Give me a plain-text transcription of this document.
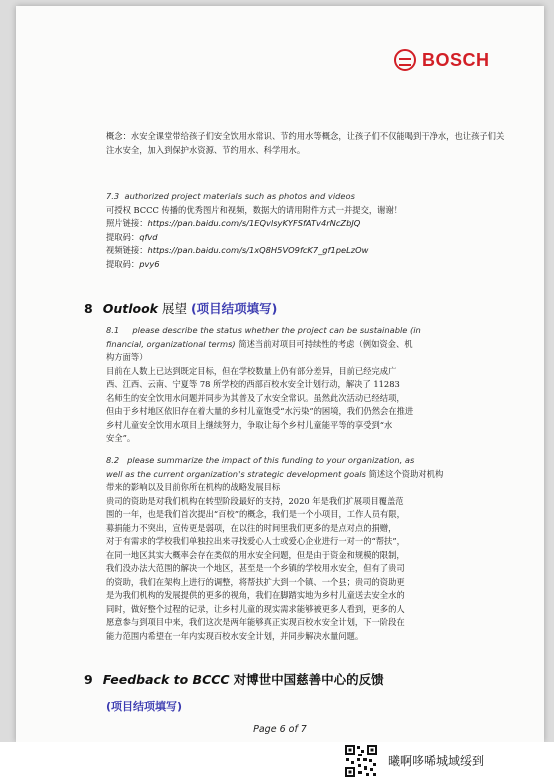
BOSCH

概念：水安全课堂带给孩子们安全饮用水常识、节约用水等概念，让孩子们不仅能喝到干净水，也让孩子们关注水安全，加入到保护水资源、节约用水、科学用水。

7.3 authorized project materials such as photos and videos

可授权 BCCC 传播的优秀图片和视频，数据大的请用附件方式一并提交，谢谢！

照片链接：https://pan.baidu.com/s/1EQvlsyKYFSfATv4rNcZbJQ

提取码：qfvd

视频链接：https://pan.baidu.com/s/1xQ8H5VO9fcK7_gf1peLzOw

提取码：pvy6

8 Outlook 展望 (项目结项填写)

8.1 please describe the status whether the project can be sustainable (in

financial, organizational terms) 简述当前对项目可持续性的考虑（例如资金、机

构方面等）

目前在人数上已达到既定目标，但在学校数量上仍有部分差异，目前已经完成广

西、江西、云南、宁夏等 78 所学校的西部百校水安全计划行动，解决了 11283

名师生的安全饮用水问题并同步为其普及了水安全常识。虽然此次活动已经结项，

但由于乡村地区依旧存在着大量的乡村儿童饱受“水污染”的困境，我们仍然会在推进

乡村儿童安全饮用水项目上继续努力，争取让每个乡村儿童能平等的享受到“水

安全”。

8.2 please summarize the impact of this funding to your organization, as

well as the current organization's strategic development goals 简述这个资助对机构

带来的影响以及目前你所在机构的战略发展目标

贵司的资助是对我们机构在转型阶段最好的支持，2020 年是我们扩展项目覆盖范

围的一年，也是我们首次提出“百校”的概念，我们是一个小项目，工作人员有限，

募捐能力不突出，宣传更是弱项，在以往的时间里我们更多的是点对点的捐赠，

对于有需求的学校我们单独拉出来寻找爱心人士或爱心企业进行一对一的“帮扶”，

在同一地区其实大概率会存在类似的用水安全问题，但是由于资金和规模的限制，

我们没办法大范围的解决一个地区，甚至是一个乡镇的学校用水安全，但有了贵司

的资助，我们在架构上进行的调整，将帮扶扩大到一个镇、一个县；贵司的资助更

是为我们机构的发展提供的更多的视角，我们在脚踏实地为乡村儿童送去安全水的

同时，做好整个过程的记录，让乡村儿童的现实需求能够被更多人看到，更多的人

愿意参与到项目中来，我们这次是两年能够真正实现百校水安全计划，下一阶段在

能力范围内希望在一年内实现百校水安全计划，并同步解决水量问题。

9 Feedback to BCCC 对博世中国慈善中心的反馈
(项目结项填写)
Page 6 of 7
曦啊哆唏城域绥到
